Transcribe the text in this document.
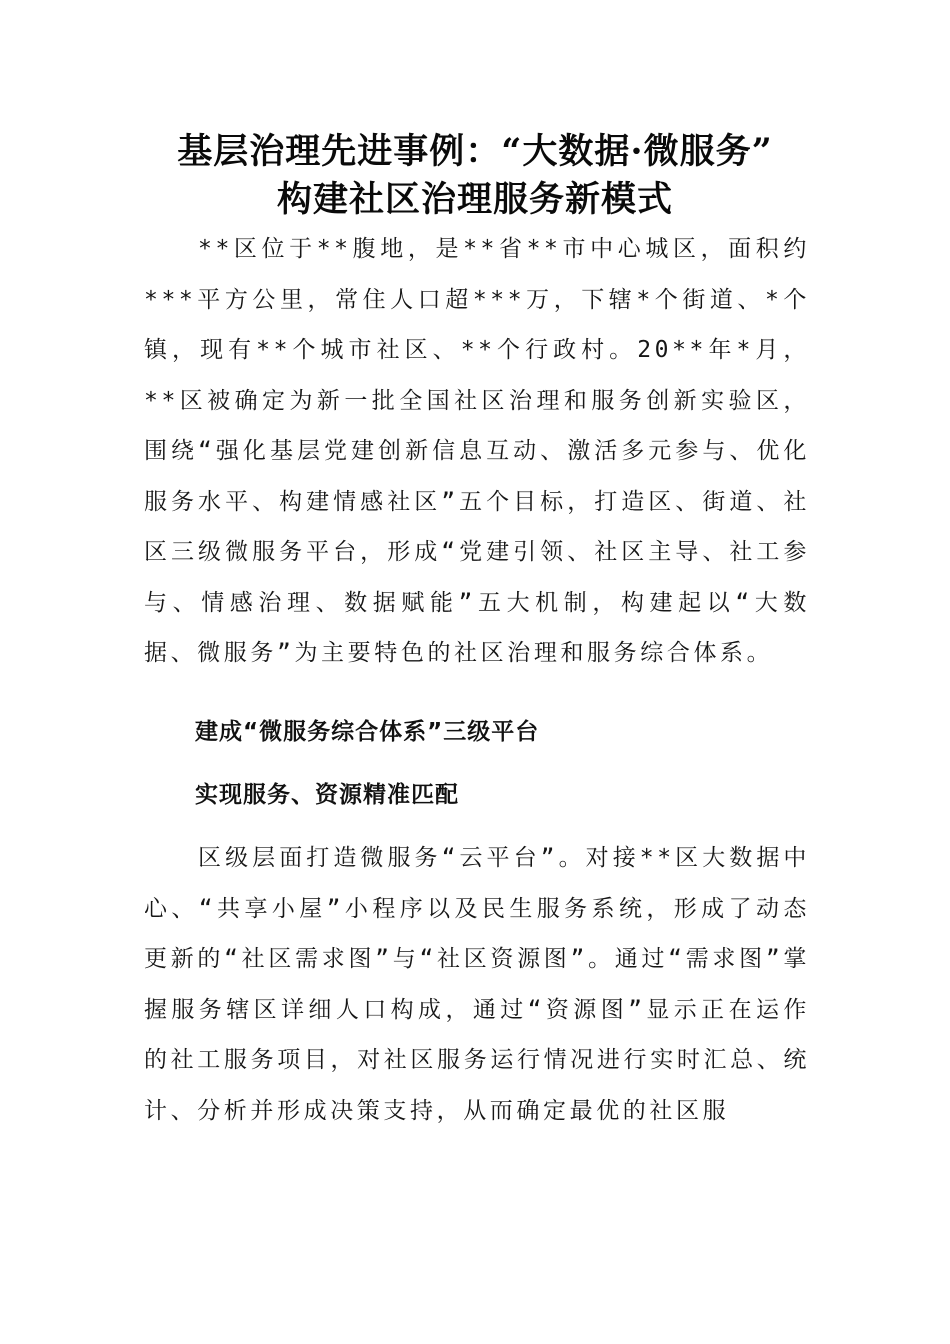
基层治理先进事例：“大数据·微服务”
构建社区治理服务新模式

**区位于**腹地，是**省**市中心城区，面积约***平方公里，常住人口超***万，下辖*个街道、*个镇，现有**个城市社区、**个行政村。20**年*月，**区被确定为新一批全国社区治理和服务创新实验区，围绕“强化基层党建创新信息互动、激活多元参与、优化服务水平、构建情感社区”五个目标，打造区、街道、社区三级微服务平台，形成“党建引领、社区主导、社工参与、情感治理、数据赋能”五大机制，构建起以“大数据、微服务”为主要特色的社区治理和服务综合体系。

建成“微服务综合体系”三级平台
实现服务、资源精准匹配

区级层面打造微服务“云平台”。对接**区大数据中心、“共享小屋”小程序以及民生服务系统，形成了动态更新的“社区需求图”与“社区资源图”。通过“需求图”掌握服务辖区详细人口构成，通过“资源图”显示正在运作的社工服务项目，对社区服务运行情况进行实时汇总、统计、分析并形成决策支持，从而确定最优的社区服
